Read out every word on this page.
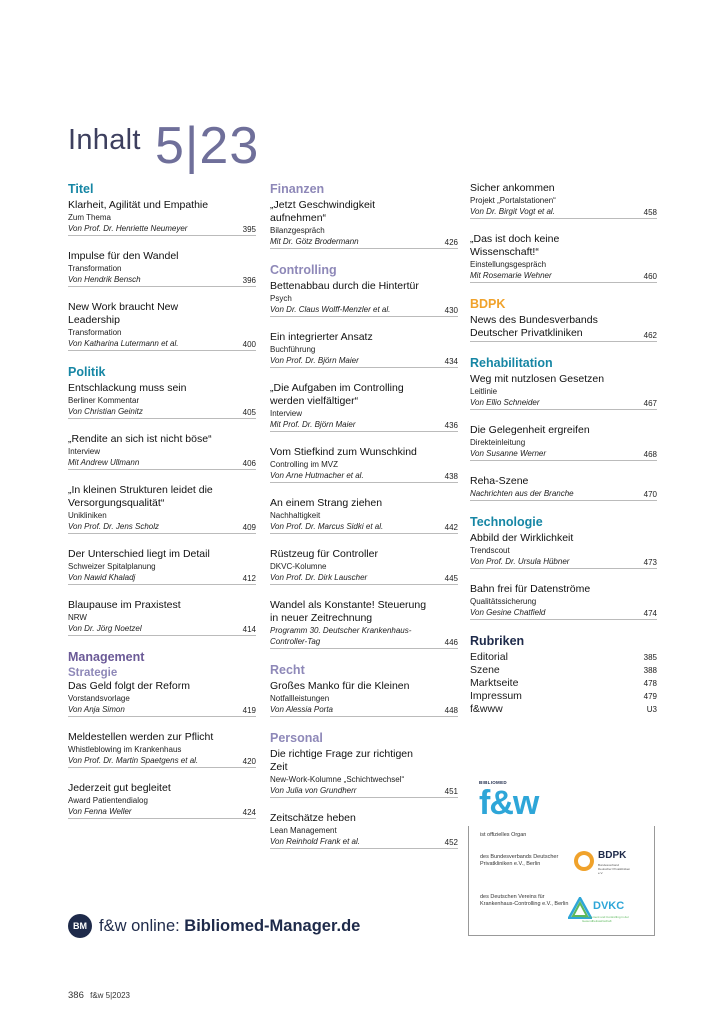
Inhalt 5|23
Titel
Klarheit, Agilität und Empathie
Zum Thema
Von Prof. Dr. Henriette Neumeyer	395
Impulse für den Wandel
Transformation
Von Hendrik Bensch	396
New Work braucht New Leadership
Transformation
Von Katharina Lutermann et al.	400
Politik
Entschlackung muss sein
Berliner Kommentar
Von Christian Geinitz	405
„Rendite an sich ist nicht böse“
Interview
Mit Andrew Ullmann	406
„In kleinen Strukturen leidet die Versorgungsqualität“
Unikliniken
Von Prof. Dr. Jens Scholz	409
Der Unterschied liegt im Detail
Schweizer Spitalplanung
Von Nawid Khaladj	412
Blaupause im Praxistest
NRW
Von Dr. Jörg Noetzel	414
Management
Strategie
Das Geld folgt der Reform
Vorstandsvorlage
Von Anja Simon	419
Meldestellen werden zur Pflicht
Whistleblowing im Krankenhaus
Von Prof. Dr. Martin Spaetgens et al.	420
Jederzeit gut begleitet
Award Patientendialog
Von Fenna Weller	424
Finanzen
„Jetzt Geschwindigkeit aufnehmen“
Bilanzgespräch
Mit Dr. Götz Brodermann	426
Controlling
Bettenabbau durch die Hintertür
Psych
Von Dr. Claus Wolff-Menzler et al.	430
Ein integrierter Ansatz
Buchführung
Von Prof. Dr. Björn Maier	434
„Die Aufgaben im Controlling werden vielfältiger“
Interview
Mit Prof. Dr. Björn Maier	436
Vom Stiefkind zum Wunschkind
Controlling im MVZ
Von Arne Hutmacher et al.	438
An einem Strang ziehen
Nachhaltigkeit
Von Prof. Dr. Marcus Sidki et al.	442
Rüstzeug für Controller
DKVC-Kolumne
Von Prof. Dr. Dirk Lauscher	445
Wandel als Konstante! Steuerung in neuer Zeitrechnung
Programm 30. Deutscher Krankenhaus-Controller-Tag	446
Recht
Großes Manko für die Kleinen
Notfallleistungen
Von Alessia Porta	448
Personal
Die richtige Frage zur richtigen Zeit
New-Work-Kolumne „Schichtwechsel“
Von Julia von Grundherr	451
Zeitschätze heben
Lean Management
Von Reinhold Frank et al.	452
Sicher ankommen
Projekt „Portalstationen“
Von Dr. Birgit Vogt et al.	458
„Das ist doch keine Wissenschaft!“
Einstellungsgespräch
Mit Rosemarie Wehner	460
BDPK
News des Bundesverbands Deutscher Privatkliniken	462
Rehabilitation
Weg mit nutzlosen Gesetzen
Leitlinie
Von Ellio Schneider	467
Die Gelegenheit ergreifen
Direkteinleitung
Von Susanne Werner	468
Reha-Szene
Nachrichten aus der Branche	470
Technologie
Abbild der Wirklichkeit
Trendscout
Von Prof. Dr. Ursula Hübner	473
Bahn frei für Datenströme
Qualitätssicherung
Von Gesine Chatfield	474
Rubriken
Editorial	385
Szene	388
Marktseite	478
Impressum	479
f&www	U3
BIBLIOMED
f&w
ist offizielles Organ
des Bundesverbands Deutscher Privatkliniken e.V., Berlin
BDPK
Bundesverband Deutscher Privatkliniken e.V.
des Deutschen Vereins für Krankenhaus-Controlling e.V., Berlin DVKC
Management und Controlling in der Gesundheitswirtschaft
BM f&w online: Bibliomed-Manager.de
386 f&w 5|2023
